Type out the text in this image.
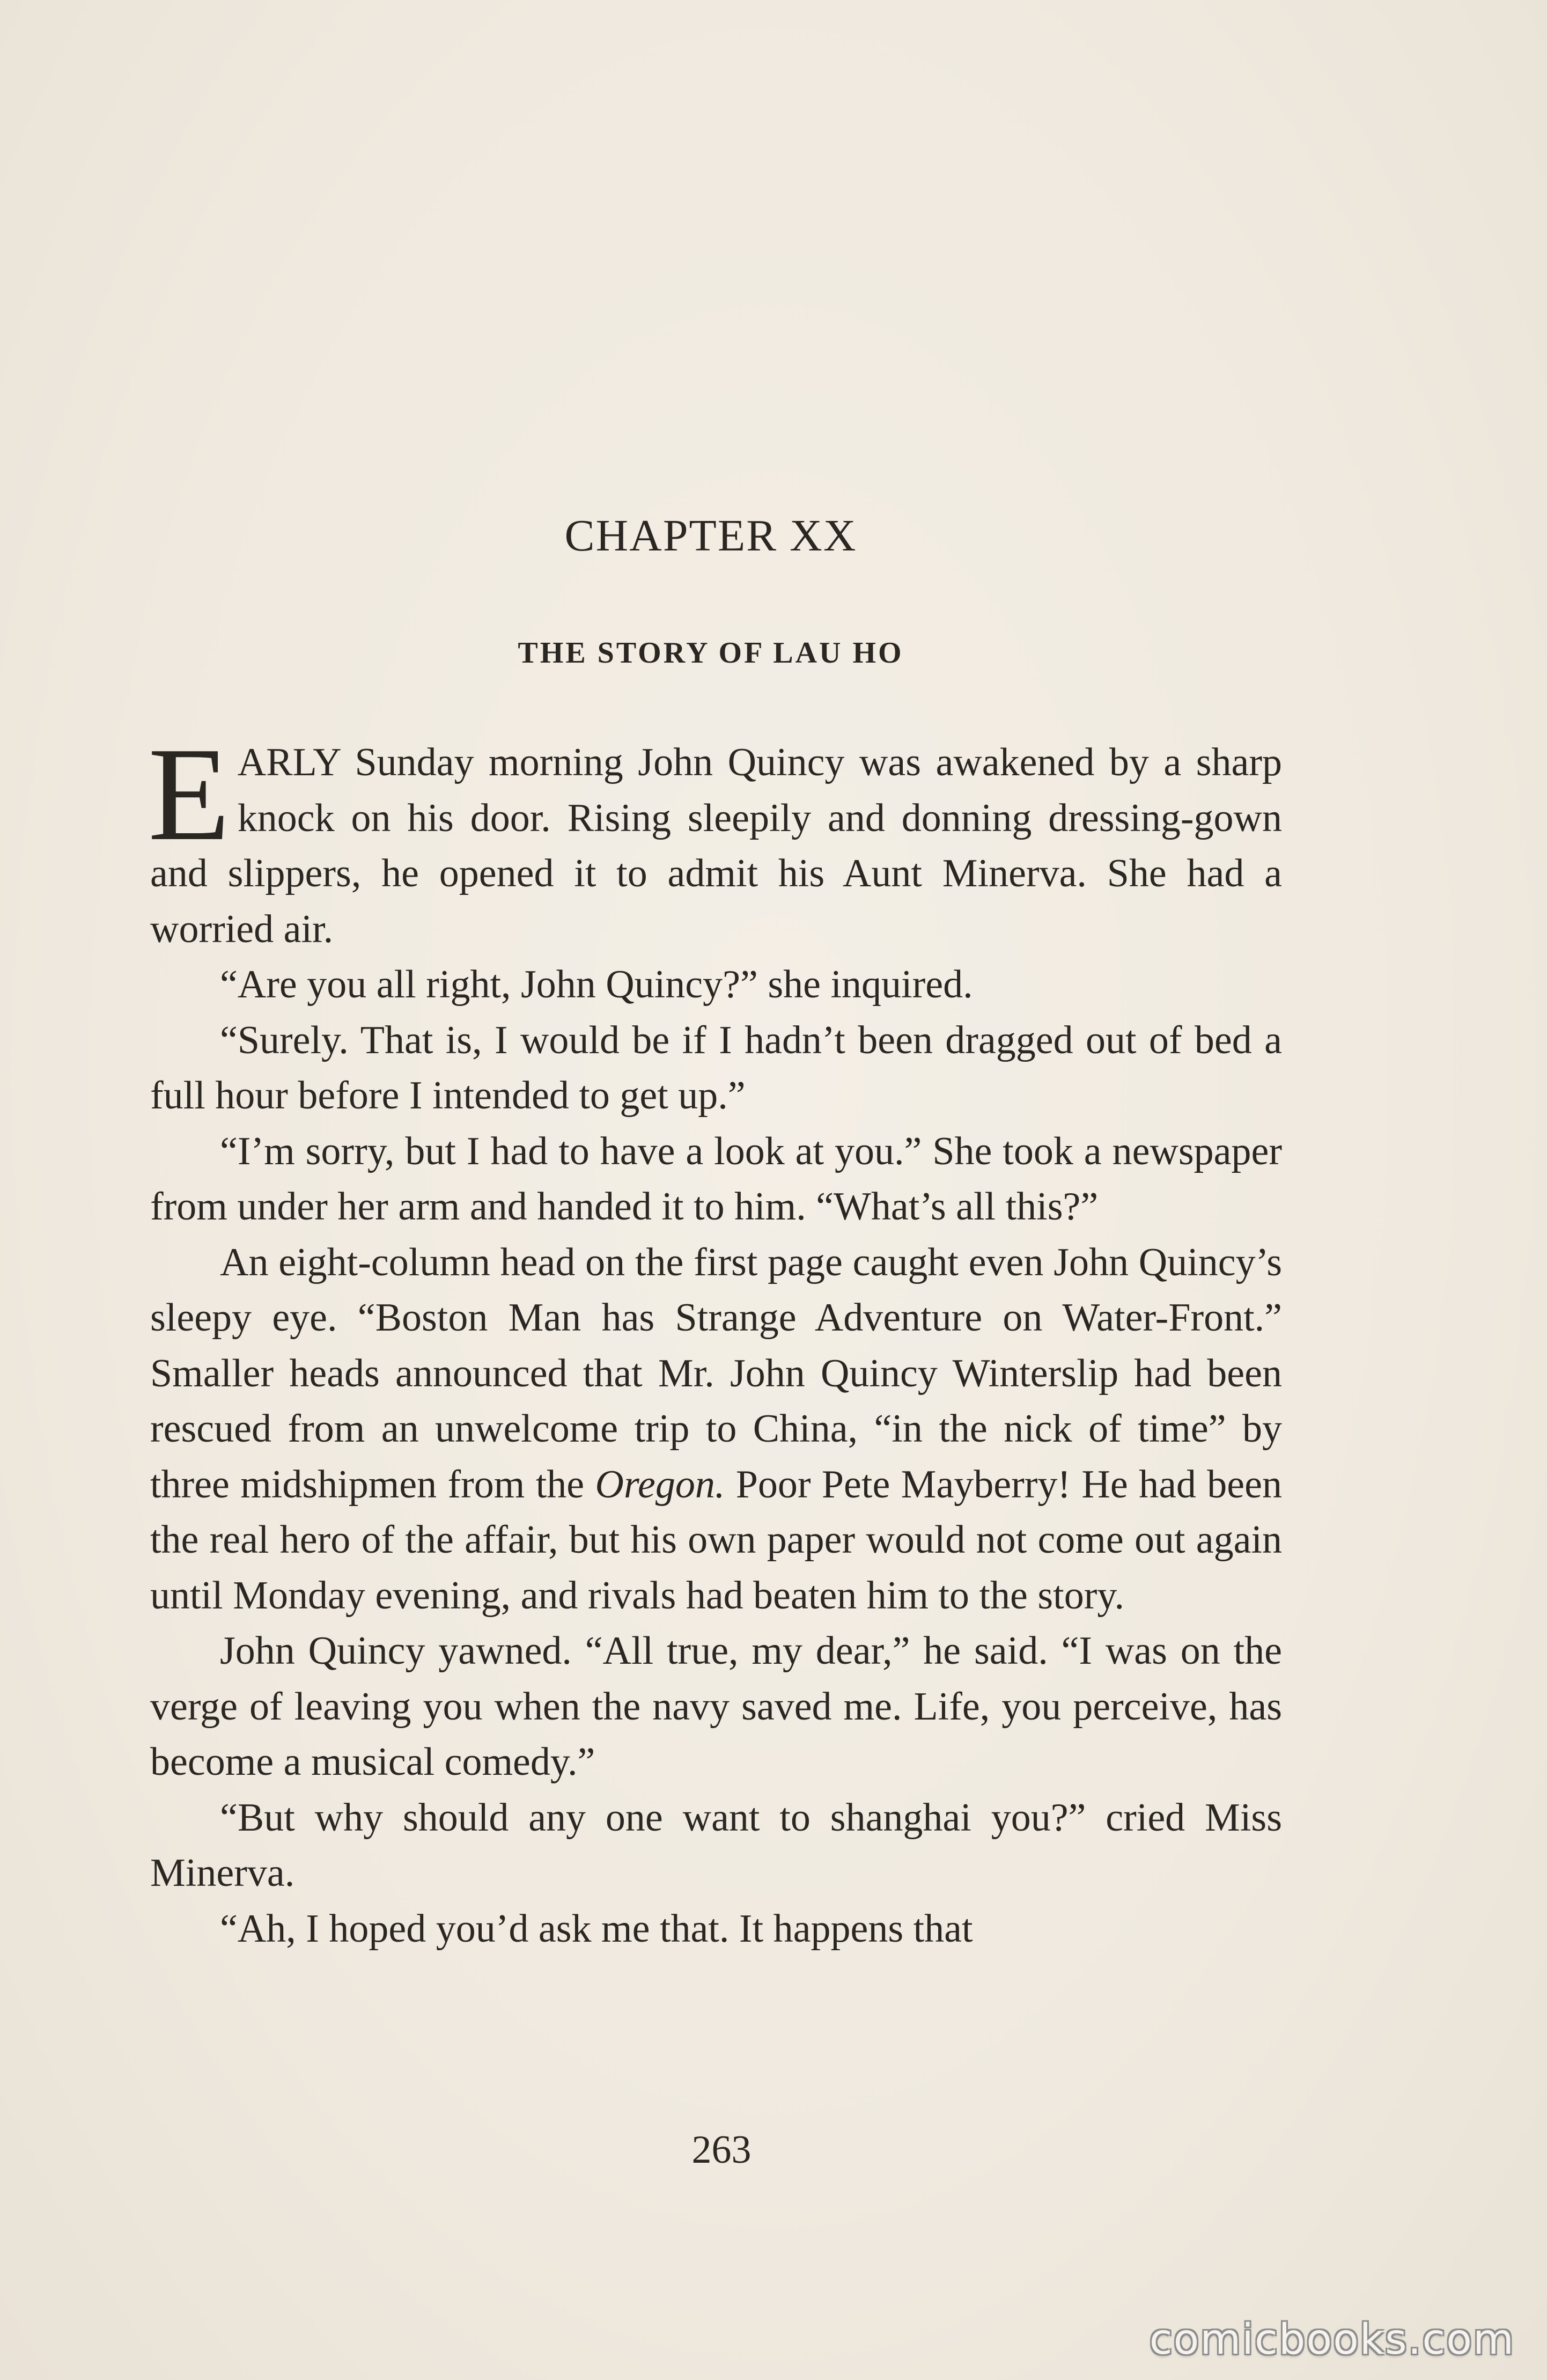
CHAPTER XX
THE STORY OF LAU HO

EARLY Sunday morning John Quincy was awakened by a sharp knock on his door. Rising sleepily and donning dressing-gown and slippers, he opened it to admit his Aunt Minerva. She had a worried air.

“Are you all right, John Quincy?” she inquired.

“Surely. That is, I would be if I hadn’t been dragged out of bed a full hour before I intended to get up.”

“I’m sorry, but I had to have a look at you.” She took a newspaper from under her arm and handed it to him. “What’s all this?”

An eight-column head on the first page caught even John Quincy’s sleepy eye. “Boston Man has Strange Adventure on Water-Front.” Smaller heads announced that Mr. John Quincy Winterslip had been rescued from an unwelcome trip to China, “in the nick of time” by three midshipmen from the Oregon. Poor Pete Mayberry! He had been the real hero of the affair, but his own paper would not come out again until Monday evening, and rivals had beaten him to the story.

John Quincy yawned. “All true, my dear,” he said. “I was on the verge of leaving you when the navy saved me. Life, you perceive, has become a musical comedy.”

“But why should any one want to shanghai you?” cried Miss Minerva.

“Ah, I hoped you’d ask me that. It happens that

263
comicbooks.com
